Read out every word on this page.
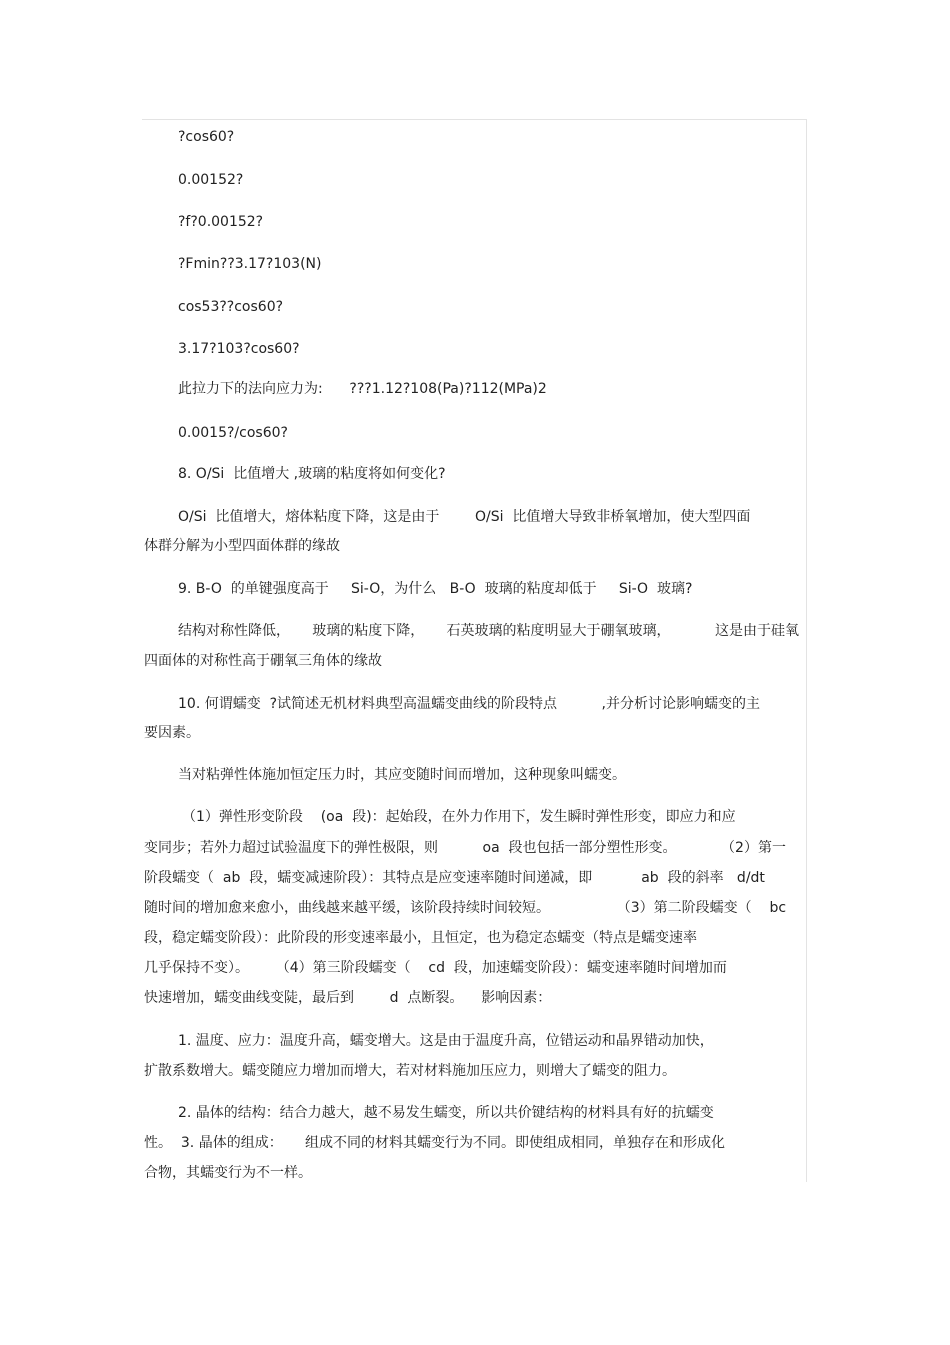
?cos60?
0.00152?
?f?0.00152?
?Fmin??3.17?103(N)
cos53??cos60?
3.17?103?cos60?
此拉力下的法向应力为:      ???1.12?108(Pa)?112(MPa)2
0.0015?/cos60?
8. O/Si  比值增大 ,玻璃的粘度将如何变化?
O/Si  比值增大，熔体粘度下降，这是由于        O/Si  比值增大导致非桥氧增加，使大型四面
体群分解为小型四面体群的缘故
9. B-O  的单键强度高于     Si-O，为什么   B-O  玻璃的粘度却低于     Si-O  玻璃?
结构对称性降低，     玻璃的粘度下降，     石英玻璃的粘度明显大于硼氧玻璃，          这是由于硅氧
四面体的对称性高于硼氧三角体的缘故
10. 何谓蠕变  ?试简述无机材料典型高温蠕变曲线的阶段特点          ,并分析讨论影响蠕变的主
要因素。
当对粘弹性体施加恒定压力时，其应变随时间而增加，这种现象叫蠕变。
（1）弹性形变阶段    (oa  段)：起始段，在外力作用下，发生瞬时弹性形变，即应力和应
变同步；若外力超过试验温度下的弹性极限，则          oa  段也包括一部分塑性形变。          （2）第一
阶段蠕变（  ab  段，蠕变减速阶段）：其特点是应变速率随时间递减，即           ab  段的斜率   d/dt
随时间的增加愈来愈小，曲线越来越平缓，该阶段持续时间较短。               （3）第二阶段蠕变（    bc
段，稳定蠕变阶段）：此阶段的形变速率最小，且恒定，也为稳定态蠕变（特点是蠕变速率
几乎保持不变）。      （4）第三阶段蠕变（    cd  段，加速蠕变阶段）：蠕变速率随时间增加而
快速增加，蠕变曲线变陡，最后到        d  点断裂。    影响因素：
1. 温度、应力：温度升高，蠕变增大。这是由于温度升高，位错运动和晶界错动加快，
扩散系数增大。蠕变随应力增加而增大，若对材料施加压应力，则增大了蠕变的阻力。
2. 晶体的结构：结合力越大，越不易发生蠕变，所以共价键结构的材料具有好的抗蠕变
性。  3. 晶体的组成：     组成不同的材料其蠕变行为不同。即使组成相同，单独存在和形成化
合物，其蠕变行为不一样。
